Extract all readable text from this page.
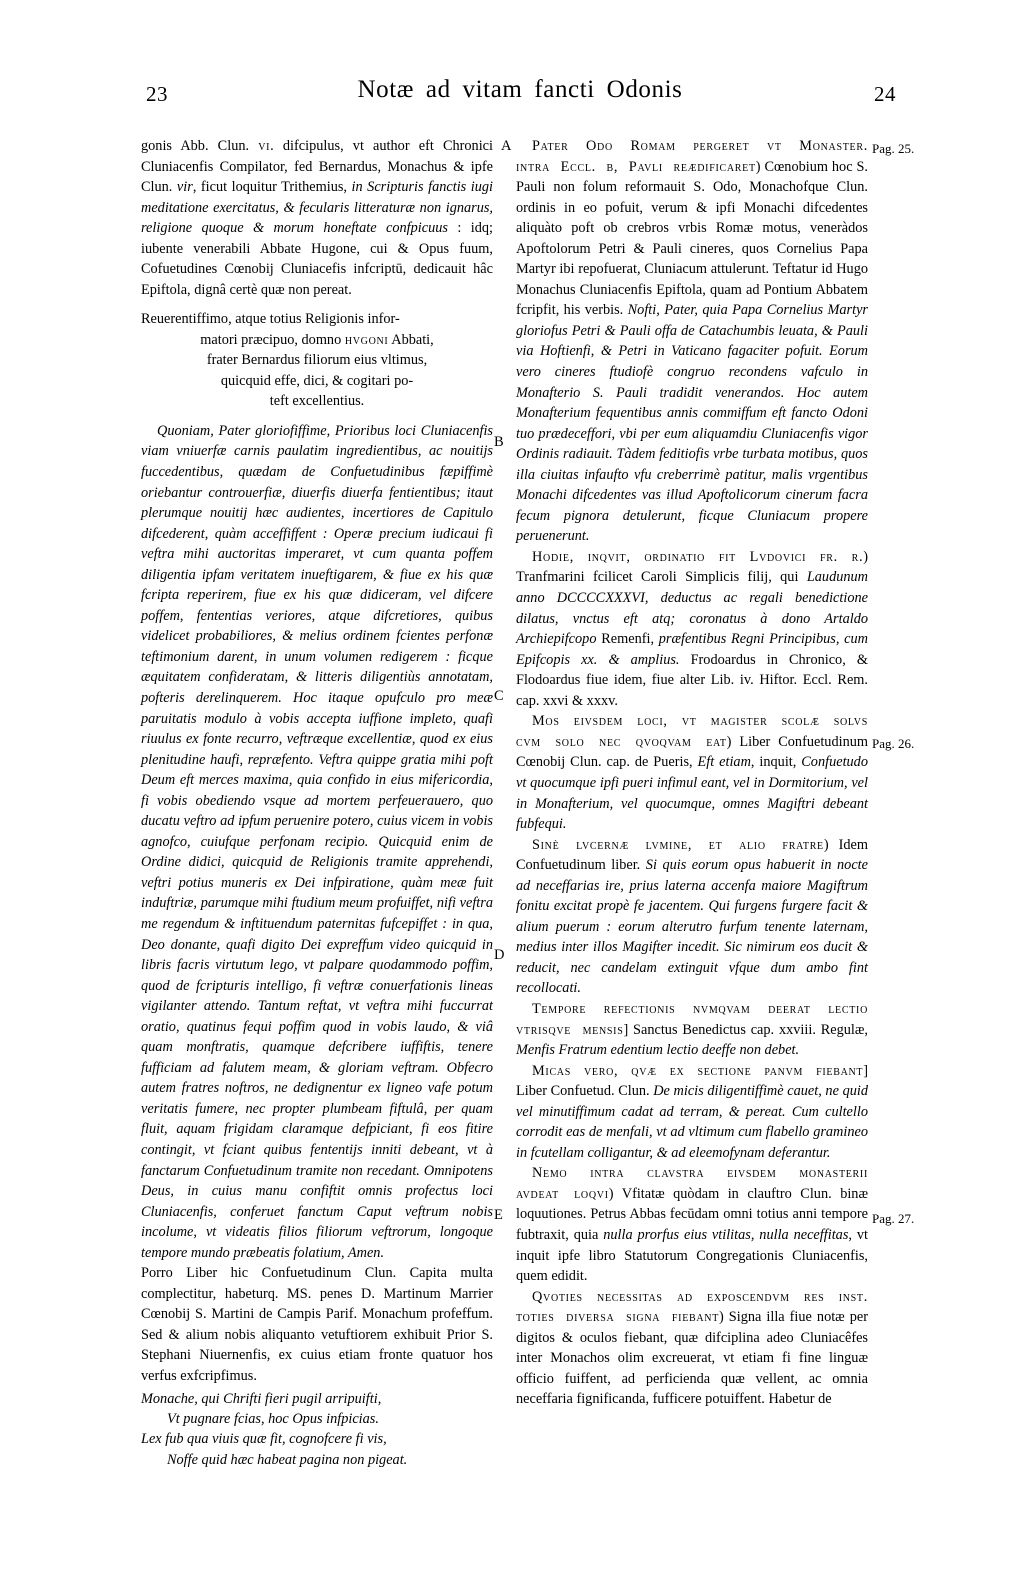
23	Notæ ad vitam fancti Odonis	24
A
B
C
D
E
Pag. 25.
Pag. 26.
Pag. 27.

gonis Abb. Clun. vi. difcipulus, vt author eft Chronici Cluniacenfis Compilator, fed Bernardus, Monachus & ipfe Clun. vir, ficut loquitur Trithemius, in Scripturis fanctis iugi meditatione exercitatus, & fecularis litteraturæ non ignarus, religione quoque & morum honeftate confpicuus : idq; iubente venerabili Abbate Hugone, cui & Opus fuum, Cofuetudines Cœnobij Cluniacefis infcriptū, dedicauit hâc Epiftola, dignâ certè quæ non pereat.

Reuerentiffimo, atque totius Religionis infor-
matori præcipuo, domno hvgoni Abbati,
frater Bernardus filiorum eius vltimus,
quicquid effe, dici, & cogitari po-
teft excellentius.

Quoniam, Pater gloriofiffime, Prioribus loci Cluniacenfis viam vniuerfæ carnis paulatim ingredientibus, ac nouitijs fuccedentibus, quædam de Confuetudinibus fæpiffimè oriebantur controuerfiæ, diuerfis diuerfa fentientibus; itaut plerumque nouitij hæc audientes, incertiores de Capitulo difcederent, quàm acceffiffent : Operæ precium iudicaui fi veftra mihi auctoritas imperaret, vt cum quanta poffem diligentia ipfam veritatem inueftigarem, & fiue ex his quæ fcripta reperirem, fiue ex his quæ didiceram, vel difcere poffem, fententias veriores, atque difcretiores, quibus videlicet probabiliores, & melius ordinem fcientes perfonæ teftimonium darent, in unum volumen redigerem : ficque æquitatem confideratam, & litteris diligentiùs annotatam, pofteris derelinquerem. Hoc itaque opufculo pro meæ paruitatis modulo à vobis accepta iuffione impleto, quafi riuulus ex fonte recurro, veftræque excellentiæ, quod ex eius plenitudine haufi, repræfento. Veftra quippe gratia mihi poft Deum eft merces maxima, quia confido in eius mifericordia, fi vobis obediendo vsque ad mortem perfeuerauero, quo ducatu veftro ad ipfum peruenire potero, cuius vicem in vobis agnofco, cuiufque perfonam recipio. Quicquid enim de Ordine didici, quicquid de Religionis tramite apprehendi, veftri potius muneris ex Dei infpiratione, quàm meæ fuit induftriæ, parumque mihi ftudium meum profuiffet, nifi veftra me regendum & inftituendum paternitas fufcepiffet : in qua, Deo donante, quafi digito Dei expreffum video quicquid in libris facris virtutum lego, vt palpare quodammodo poffim, quod de fcripturis intelligo, fi veftræ conuerfationis lineas vigilanter attendo. Tantum reftat, vt veftra mihi fuccurrat oratio, quatinus fequi poffim quod in vobis laudo, & viâ quam monftratis, quamque defcribere iuffiftis, tenere fufficiam ad falutem meam, & gloriam veftram. Obfecro autem fratres noftros, ne dedignentur ex ligneo vafe potum veritatis fumere, nec propter plumbeam fiftulâ, per quam fluit, aquam frigidam claramque defpiciant, fi eos fitire contingit, vt fciant quibus fententijs inniti debeant, vt à fanctarum Confuetudinum tramite non recedant. Omnipotens Deus, in cuius manu confiftit omnis profectus loci Cluniacenfis, conferuet fanctum Caput veftrum nobis incolume, vt videatis filios filiorum veftrorum, longoque tempore mundo præbeatis folatium, Amen.

Porro Liber hic Confuetudinum Clun. Capita multa complectitur, habeturq. MS. penes D. Martinum Marrier Cœnobij S. Martini de Campis Parif. Monachum profeffum. Sed & alium nobis aliquanto vetuftiorem exhibuit Prior S. Stephani Niuernenfis, ex cuius etiam fronte quatuor hos verfus exfcripfimus.

Monache, qui Chrifti fieri pugil arripuifti,
Vt pugnare fcias, hoc Opus infpicias.
Lex fub qua viuis quæ fit, cognofcere fi vis,
Noffe quid hæc habeat pagina non pigeat.

Pater Odo Romam pergeret vt Monaster. intra Eccl. b, Pavli reædificaret) Cœnobium hoc S. Pauli non folum reformauit S. Odo, Monachofque Clun. ordinis in eo pofuit, verum & ipfi Monachi difcedentes aliquàto poft ob crebros vrbis Romæ motus, veneràdos Apoftolorum Petri & Pauli cineres, quos Cornelius Papa Martyr ibi repofuerat, Cluniacum attulerunt. Teftatur id Hugo Monachus Cluniacenfis Epiftola, quam ad Pontium Abbatem fcripfit, his verbis. Nofti, Pater, quia Papa Cornelius Martyr gloriofus Petri & Pauli offa de Catachumbis leuata, & Pauli via Hoftienfi, & Petri in Vaticano fagaciter pofuit. Eorum vero cineres ftudiofè congruo recondens vafculo in Monafterio S. Pauli tradidit venerandos. Hoc autem Monafterium fequentibus annis commiffum eft fancto Odoni tuo prædeceffori, vbi per eum aliquamdiu Cluniacenfis vigor Ordinis radiauit. Tàdem feditiofis vrbe turbata motibus, quos illa ciuitas infaufto vfu creberrimè patitur, malis vrgentibus Monachi difcedentes vas illud Apoftolicorum cinerum facra fecum pignora detulerunt, ficque Cluniacum propere peruenerunt.

Hodie, inqvit, ordinatio fit Lvdovici fr. r.) Tranfmarini fcilicet Caroli Simplicis filij, qui Laudunum anno DCCCCXXXVI, deductus ac regali benedictione dilatus, vnctus eft atq; coronatus à dono Artaldo Archiepifcopo Remenfi, præfentibus Regni Principibus, cum Epifcopis xx. & amplius. Frodoardus in Chronico, & Flodoardus fiue idem, fiue alter Lib. iv. Hiftor. Eccl. Rem. cap. xxvi & xxxv.

Mos eivsdem loci, vt magister scolæ solvs cvm solo nec qvoqvam eat) Liber Confuetudinum Cœnobij Clun. cap. de Pueris, Eft etiam, inquit, Confuetudo vt quocumque ipfi pueri infimul eant, vel in Dormitorium, vel in Monafterium, vel quocumque, omnes Magiftri debeant fubfequi.

Sinè lvcernæ lvmine, et alio fratre) Idem Confuetudinum liber. Si quis eorum opus habuerit in nocte ad neceffarias ire, prius laterna accenfa maiore Magiftrum fonitu excitat propè fe jacentem. Qui furgens furgere facit & alium puerum : eorum alterutro furfum tenente laternam, medius inter illos Magifter incedit. Sic nimirum eos ducit & reducit, nec candelam extinguit vfque dum ambo fint recollocati.

Tempore refectionis nvmqvam deerat lectio vtrisqve mensis] Sanctus Benedictus cap. xxviii. Regulæ, Menfis Fratrum edentium lectio deeffe non debet.

Micas vero, qvæ ex sectione panvm fiebant] Liber Confuetud. Clun. De micis diligentiffimè cauet, ne quid vel minutiffimum cadat ad terram, & pereat. Cum cultello corrodit eas de menfali, vt ad vltimum cum flabello gramineo in fcutellam colligantur, & ad eleemofynam deferantur.

Nemo intra clavstra eivsdem monasterii avdeat loqvi) Vfitatæ quòdam in clauftro Clun. binæ loquutiones. Petrus Abbas fecūdam omni totius anni tempore fubtraxit, quia nulla prorfus eius vtilitas, nulla neceffitas, vt inquit ipfe libro Statutorum Congregationis Cluniacenfis, quem edidit.

Qvoties necessitas ad exposcendvm res inst. toties diversa signa fiebant) Signa illa fiue notæ per digitos & oculos fiebant, quæ difciplina adeo Cluniacêfes inter Monachos olim excreuerat, vt etiam fi fine linguæ officio fuiffent, ad perficienda quæ vellent, ac omnia neceffaria fignificanda, fufficere potuiffent. Habetur de
